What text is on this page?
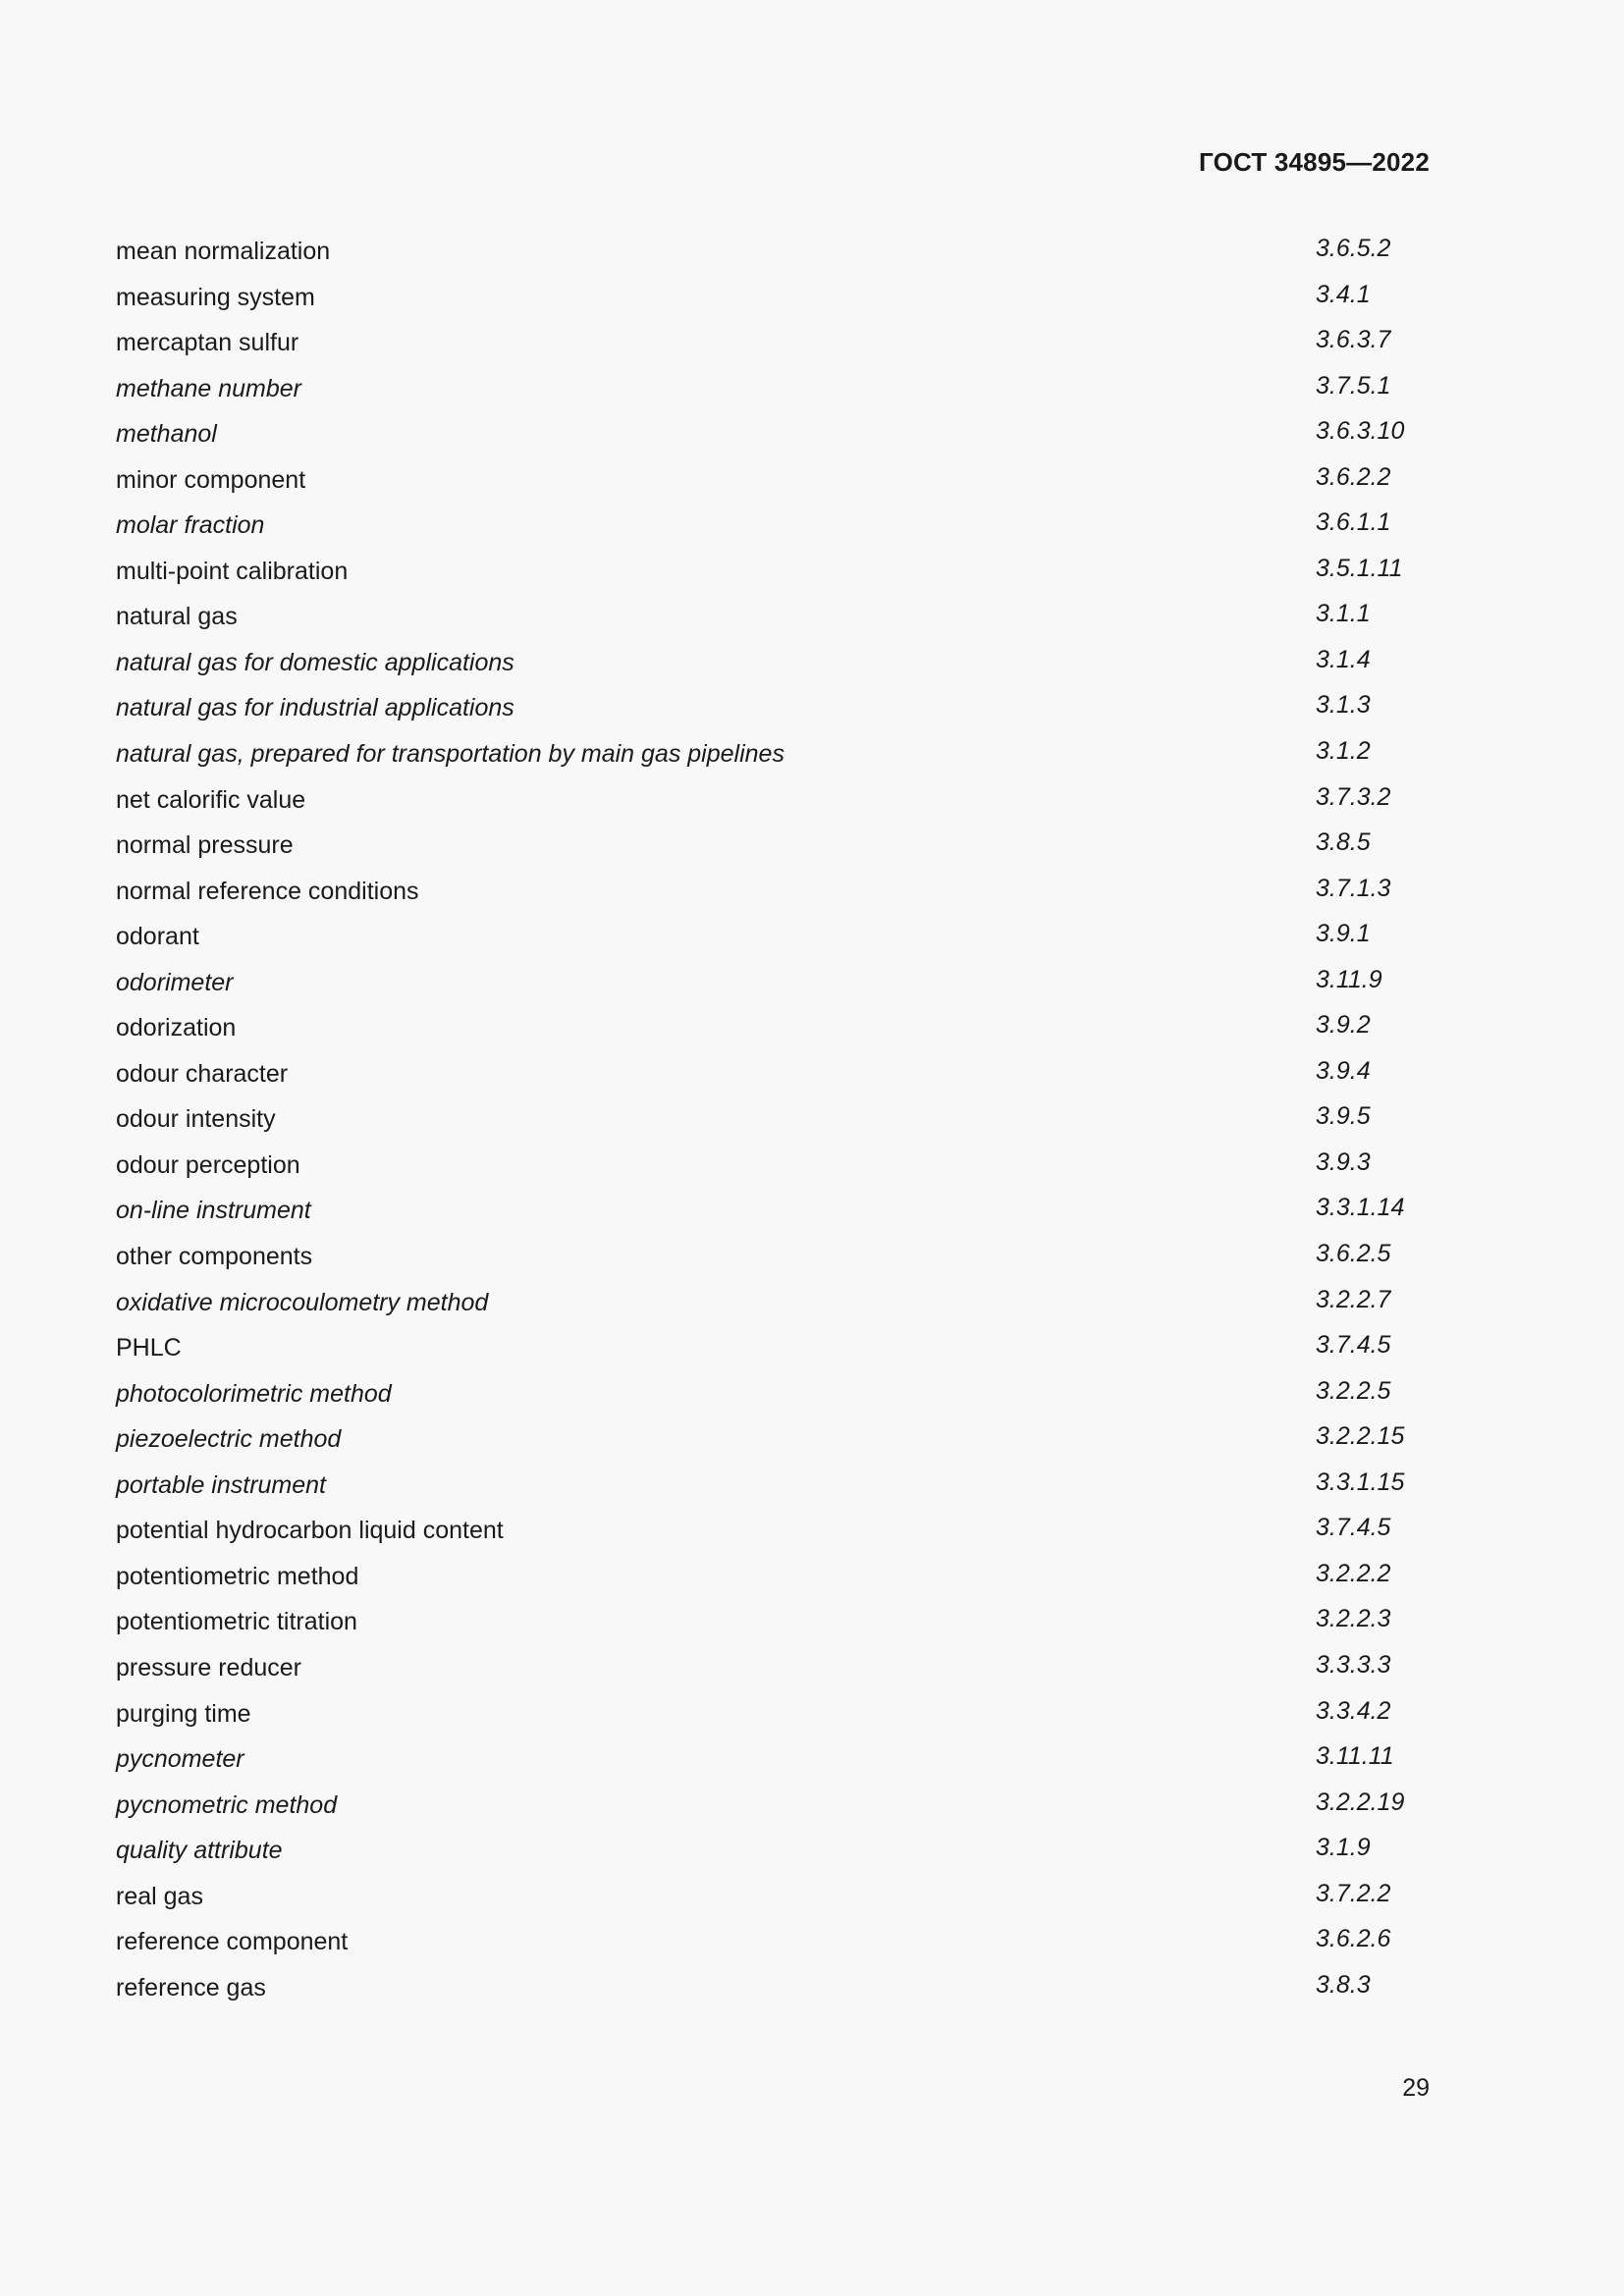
ГОСТ 34895—2022
mean normalization	3.6.5.2
measuring system	3.4.1
mercaptan sulfur	3.6.3.7
methane number	3.7.5.1
methanol	3.6.3.10
minor component	3.6.2.2
molar fraction	3.6.1.1
multi-point calibration	3.5.1.11
natural gas	3.1.1
natural gas for domestic applications	3.1.4
natural gas for industrial applications	3.1.3
natural gas, prepared for transportation by main gas pipelines	3.1.2
net calorific value	3.7.3.2
normal pressure	3.8.5
normal reference conditions	3.7.1.3
odorant	3.9.1
odorimeter	3.11.9
odorization	3.9.2
odour character	3.9.4
odour intensity	3.9.5
odour perception	3.9.3
on-line instrument	3.3.1.14
other components	3.6.2.5
oxidative microcoulometry method	3.2.2.7
PHLC	3.7.4.5
photocolorimetric method	3.2.2.5
piezoelectric method	3.2.2.15
portable instrument	3.3.1.15
potential hydrocarbon liquid content	3.7.4.5
potentiometric method	3.2.2.2
potentiometric titration	3.2.2.3
pressure reducer	3.3.3.3
purging time	3.3.4.2
pycnometer	3.11.11
pycnometric method	3.2.2.19
quality attribute	3.1.9
real gas	3.7.2.2
reference component	3.6.2.6
reference gas	3.8.3
29
